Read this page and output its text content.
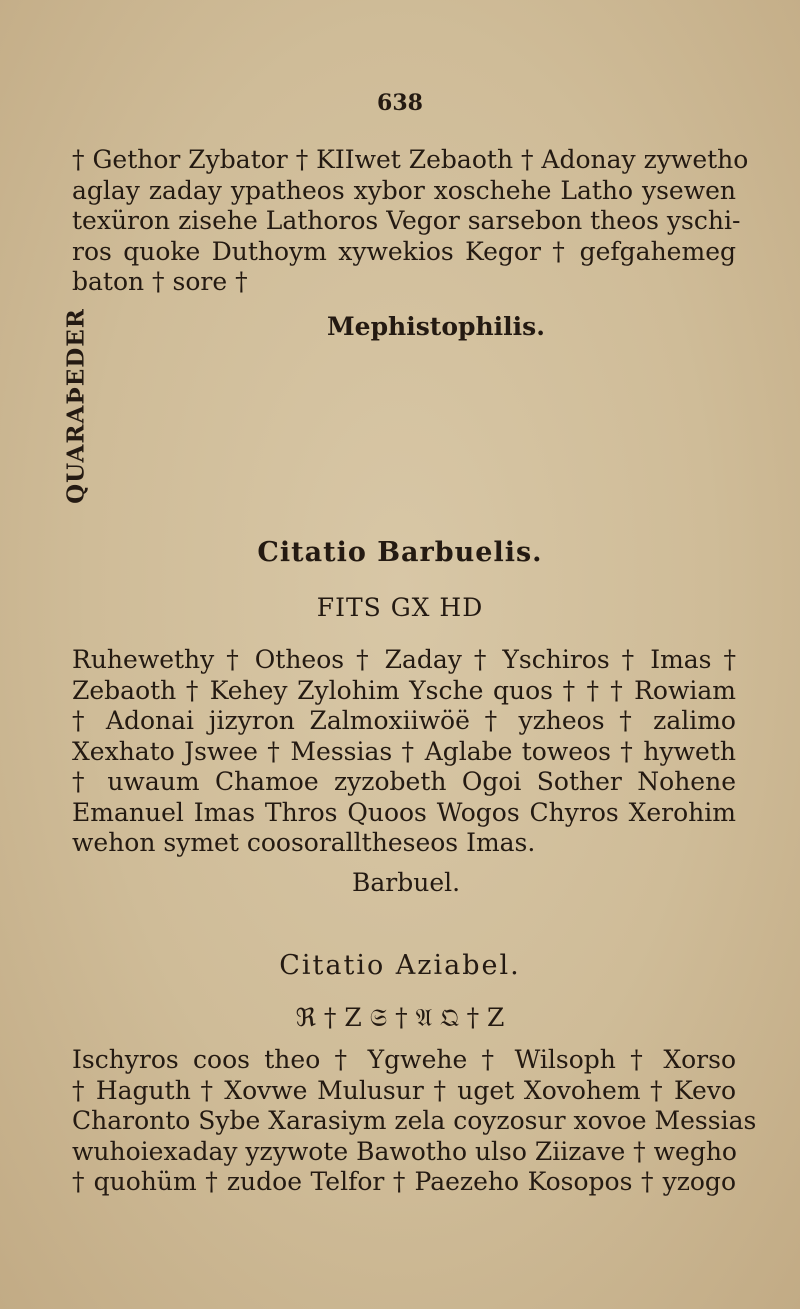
638
† Gethor Zybator † KIIwet Zebaoth † Adonay zywetho
aglay zaday ypatheos xybor xoschehe Latho ysewen
texüron zisehe Lathoros Vegor sarsebon theos yschi-
ros quoke Duthoym xywekios Kegor † gefgahemeg
baton † sore †
Mephistophilis.
QUARAÞEDER
Citatio Barbuelis.
FITS GX HD
Ruhewethy † Otheos † Zaday † Yschiros † Imas †
Zebaoth † Kehey Zylohim Ysche quos † † † Rowiam
† Adonai jizyron Zalmoxiiwöë † yzheos † zalimo
Xexhato Jswee † Messias † Aglabe toweos † hyweth
† uwaum Chamoe zyzobeth Ogoi Sother Nohene
Emanuel Imas Thros Quoos Wogos Chyros Xerohim
wehon symet coosoralltheseos Imas.
Barbuel.
Citatio Aziabel.
ℜ † Z 𝔖 † 𝔄 𝔔 † Z
Ischyros coos theo † Ygwehe † Wilsoph † Xorso
† Haguth † Xovwe Mulusur † uget Xovohem † Kevo
Charonto Sybe Xarasiym zela coyzosur xovoe Messias
wuhoiexaday yzywote Bawotho ulso Ziizave † wegho
† quohüm † zudoe Telfor † Paezeho Kosopos † yzogo
